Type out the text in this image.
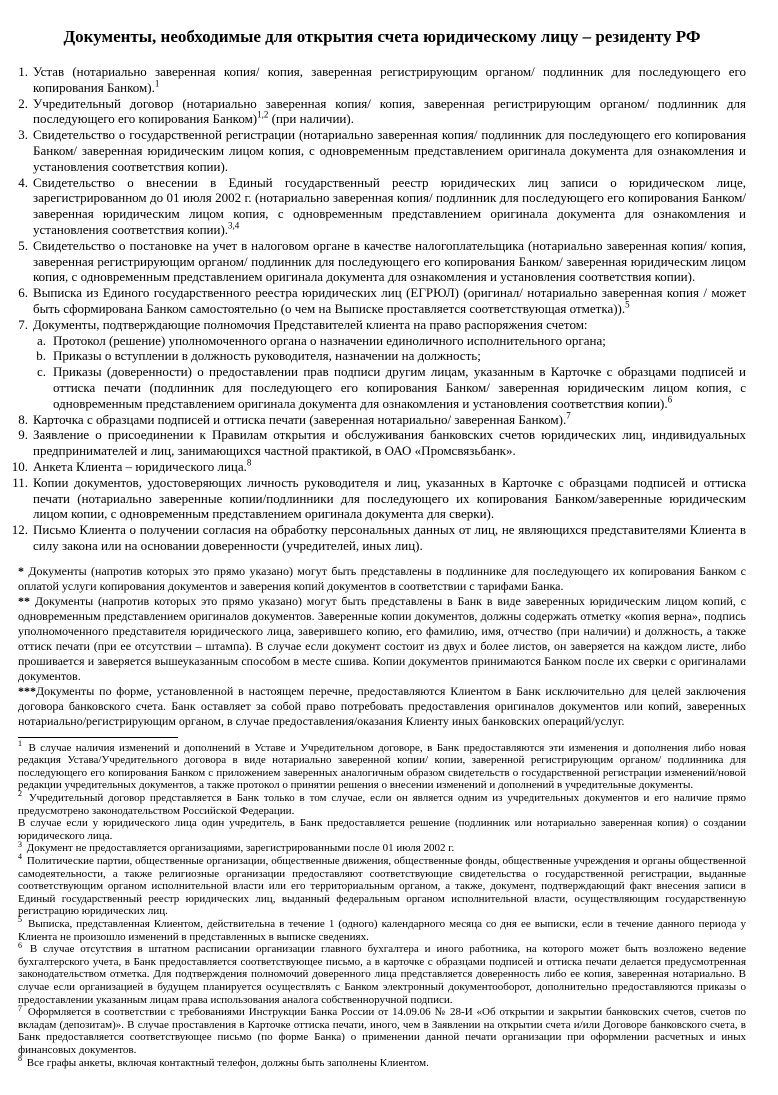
Документы, необходимые для открытия счета юридическому лицу – резиденту РФ
1. Устав (нотариально заверенная копия/ копия, заверенная регистрирующим органом/ подлинник для последующего его копирования Банком).$^1$
2. Учредительный договор (нотариально заверенная копия/ копия, заверенная регистрирующим органом/ подлинник для последующего его копирования Банком)$^{1,2}$ (при наличии).
3. Свидетельство о государственной регистрации (нотариально заверенная копия/ подлинник для последующего его копирования Банком/ заверенная юридическим лицом копия, с одновременным представлением оригинала документа для ознакомления и установления соответствия копии).
4. Свидетельство о внесении в Единый государственный реестр юридических лиц записи о юридическом лице, зарегистрированном до 01 июля 2002 г. (нотариально заверенная копия/ подлинник для последующего его копирования Банком/ заверенная юридическим лицом копия, с одновременным представлением оригинала документа для ознакомления и установления соответствия копии).$^{3,4}$
5. Свидетельство о постановке на учет в налоговом органе в качестве налогоплательщика (нотариально заверенная копия/ копия, заверенная регистрирующим органом/ подлинник для последующего его копирования Банком/ заверенная юридическим лицом копия, с одновременным представлением оригинала документа для ознакомления и установления соответствия копии).
6. Выписка из Единого государственного реестра юридических лиц (ЕГРЮЛ) (оригинал/ нотариально заверенная копия / может быть сформирована Банком самостоятельно (о чем на Выписке проставляется соответствующая отметка)).$^5$
7. Документы, подтверждающие полномочия Представителей клиента на право распоряжения счетом:
a. Протокол (решение) уполномоченного органа о назначении единоличного исполнительного органа;
b. Приказы о вступлении в должность руководителя, назначении на должность;
c. Приказы (доверенности) о предоставлении прав подписи другим лицам, указанным в Карточке с образцами подписей и оттиска печати (подлинник для последующего его копирования Банком/ заверенная юридическим лицом копия, с одновременным представлением оригинала документа для ознакомления и установления соответствия копии).$^6$
8. Карточка с образцами подписей и оттиска печати (заверенная нотариально/ заверенная Банком).$^7$
9. Заявление о присоединении к Правилам открытия и обслуживания банковских счетов юридических лиц, индивидуальных предпринимателей и лиц, занимающихся частной практикой, в ОАО «Промсвязьбанк».
10. Анкета Клиента – юридического лица.$^8$
11. Копии документов, удостоверяющих личность руководителя и лиц, указанных в Карточке с образцами подписей и оттиска печати (нотариально заверенные копии/подлинники для последующего их копирования Банком/заверенные юридическим лицом копии, с одновременным представлением оригинала документа для сверки).
12. Письмо Клиента о получении согласия на обработку персональных данных от лиц, не являющихся представителями Клиента в силу закона или на основании доверенности (учредителей, иных лиц).

* Документы (напротив которых это прямо указано) могут быть представлены в подлиннике для последующего их копирования Банком с оплатой услуги копирования документов и заверения копий документов в соответствии с тарифами Банка.

** Документы (напротив которых это прямо указано) могут быть представлены в Банк в виде заверенных юридическим лицом копий, с одновременным представлением оригиналов документов. Заверенные копии документов, должны содержать отметку «копия верна», подпись уполномоченного представителя юридического лица, заверившего копию, его фамилию, имя, отчество (при наличии) и должность, а также оттиск печати (при ее отсутствии – штампа). В случае если документ состоит из двух и более листов, он заверяется на каждом листе, либо прошивается и заверяется вышеуказанным способом в месте сшива. Копии документов принимаются Банком после их сверки с оригиналами документов.

***Документы по форме, установленной в настоящем перечне, предоставляются Клиентом в Банк исключительно для целей заключения договора банковского счета. Банк оставляет за собой право потребовать предоставления оригиналов документов или копий, заверенных нотариально/регистрирующим органом, в случае предоставления/оказания Клиенту иных банковских операций/услуг.

$^1$ В случае наличия изменений и дополнений в Уставе и Учредительном договоре, в Банк предоставляются эти изменения и дополнения либо новая редакция Устава/Учредительного договора в виде нотариально заверенной копии/ копии, заверенной регистрирующим органом/ подлинника для последующего его копирования Банком с приложением заверенных аналогичным образом свидетельств о государственной регистрации изменений/новой редакции учредительных документов, а также протокол о принятии решения о внесении изменений и дополнений в учредительные документы.
$^2$ Учредительный договор представляется в Банк только в том случае, если он является одним из учредительных документов и его наличие прямо предусмотрено законодательством Российской Федерации.
В случае если у юридического лица один учредитель, в Банк предоставляется решение (подлинник или нотариально заверенная копия) о создании юридического лица.
$^3$ Документ не предоставляется организациями, зарегистрированными после 01 июля 2002 г.
$^4$ Политические партии, общественные организации, общественные движения, общественные фонды, общественные учреждения и органы общественной самодеятельности, а также религиозные организации предоставляют соответствующие свидетельства о государственной регистрации, выданные соответствующим органом исполнительной власти или его территориальным органом, а также, документ, подтверждающий факт внесения записи в Единый государственный реестр юридических лиц, выданный федеральным органом исполнительной власти, осуществляющим государственную регистрацию юридических лиц.
$^5$ Выписка, представленная Клиентом, действительна в течение 1 (одного) календарного месяца со дня ее выписки, если в течение данного периода у Клиента не произошло изменений в представленных в выписке сведениях.
$^6$ В случае отсутствия в штатном расписании организации главного бухгалтера и иного работника, на которого может быть возложено ведение бухгалтерского учета, в Банк предоставляется соответствующее письмо, а в карточке с образцами подписей и оттиска печати делается предусмотренная законодательством отметка. Для подтверждения полномочий доверенного лица представляется доверенность либо ее копия, заверенная нотариально. В случае если организацией в будущем планируется осуществлять с Банком электронный документооборот, дополнительно предоставляются приказы о предоставлении указанным лицам права использования аналога собственноручной подписи.
$^7$ Оформляется в соответствии с требованиями Инструкции Банка России от 14.09.06 № 28-И «Об открытии и закрытии банковских счетов, счетов по вкладам (депозитам)». В случае проставления в Карточке оттиска печати, иного, чем в Заявлении на открытии счета и/или Договоре банковского счета, в Банк предоставляется соответствующее письмо (по форме Банка) о применении данной печати организации при оформлении расчетных и иных финансовых документов.
$^8$ Все графы анкеты, включая контактный телефон, должны быть заполнены Клиентом.
